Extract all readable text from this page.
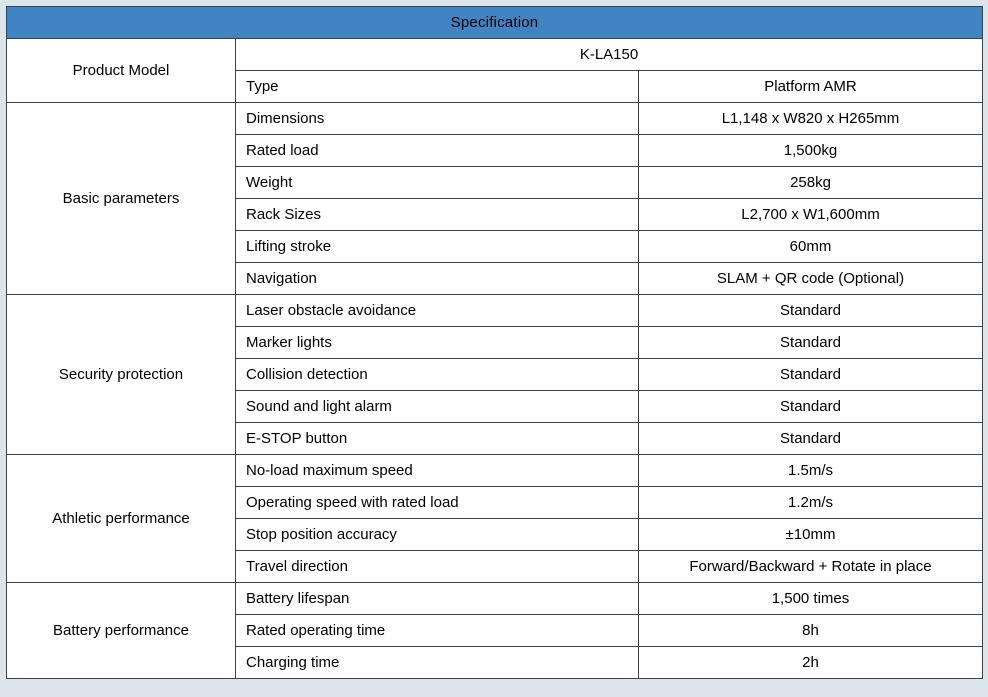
Specification		
Product Model	K-LA150	
	Type	Platform AMR
Basic parameters	Dimensions	L1,148 x W820 x H265mm
	Rated load	1,500kg
	Weight	258kg
	Rack Sizes	L2,700 x W1,600mm
	Lifting stroke	60mm
	Navigation	SLAM + QR code (Optional)
Security protection	Laser obstacle avoidance	Standard
	Marker lights	Standard
	Collision detection	Standard
	Sound and light alarm	Standard
	E-STOP button	Standard
Athletic performance	No-load maximum speed	1.5m/s
	Operating speed with rated load	1.2m/s
	Stop position accuracy	±10mm
	Travel direction	Forward/Backward + Rotate in place
Battery performance	Battery lifespan	1,500 times
	Rated operating time	8h
	Charging time	2h
